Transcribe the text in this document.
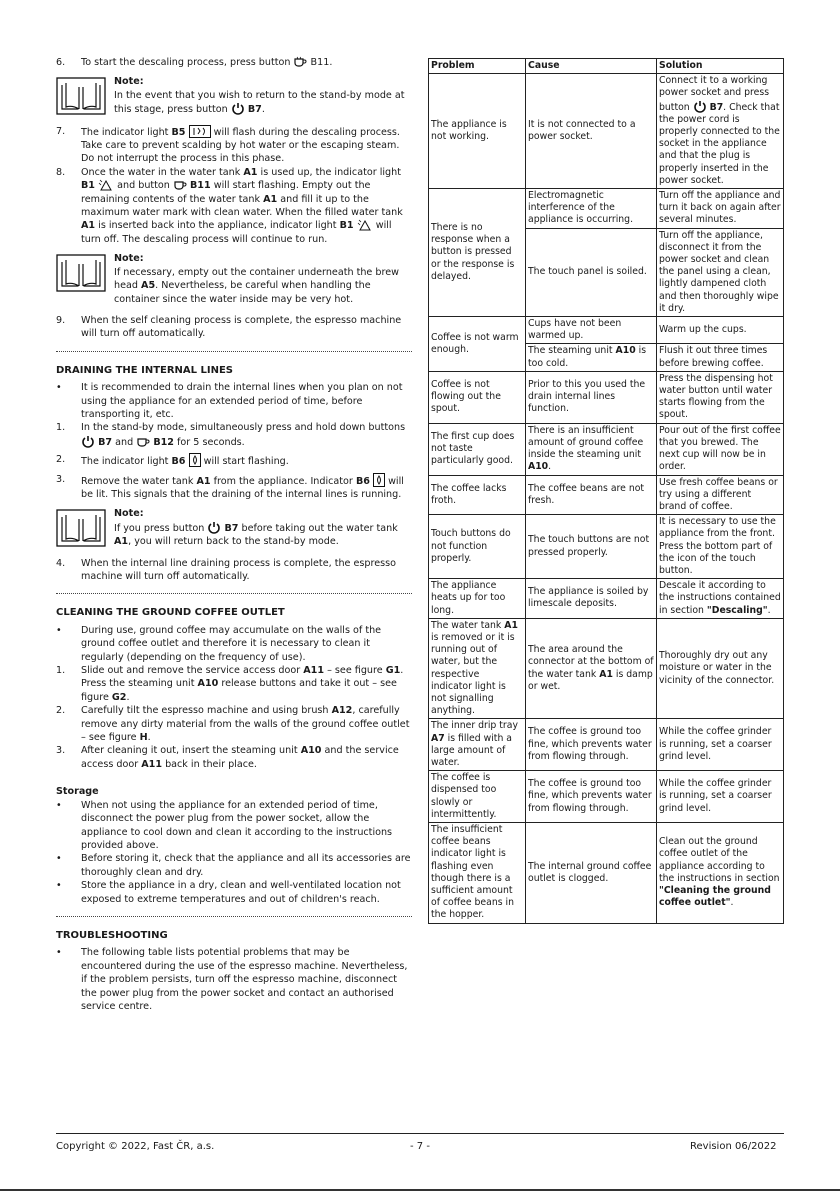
6.	To start the descaling process, press button B11.
Note:
In the event that you wish to return to the stand-by mode at this stage, press button B7.
7.	The indicator light B5	will flash during the descaling process. Take care to prevent scalding by hot water or the escaping steam. Do not interrupt the process in this phase.
8.	Once the water in the water tank A1 is used up, the indicator light B1 and button B11 will start flashing. Empty out the remaining contents of the water tank A1 and fill it up to the maximum water mark with clean water. When the filled water tank A1 is inserted back into the appliance, indicator light B1 will turn off. The descaling process will continue to run.
Note:
If necessary, empty out the container underneath the brew head A5. Nevertheless, be careful when handling the container since the water inside may be very hot.
9.	When the self cleaning process is complete, the espresso machine will turn off automatically.
DRAINING THE INTERNAL LINES
•	It is recommended to drain the internal lines when you plan on not using the appliance for an extended period of time, before transporting it, etc.
1.	In the stand-by mode, simultaneously press and hold down buttons
B7 and B12 for 5 seconds.
2.	The indicator light B6 will start flashing.
3.	Remove the water tank A1 from the appliance. Indicator B6 will be lit. This signals that the draining of the internal lines is running.
Note:
If you press button B7 before taking out the water tank A1, you will return back to the stand-by mode.
4.	When the internal line draining process is complete, the espresso machine will turn off automatically.
CLEANING THE GROUND COFFEE OUTLET
•	During use, ground coffee may accumulate on the walls of the ground coffee outlet and therefore it is necessary to clean it regularly (depending on the frequency of use).
1.	Slide out and remove the service access door A11 – see figure G1. Press the steaming unit A10 release buttons and take it out – see figure G2.
2.	Carefully tilt the espresso machine and using brush A12, carefully remove any dirty material from the walls of the ground coffee outlet – see figure H.
3.	After cleaning it out, insert the steaming unit A10 and the service access door A11 back in their place.
Storage
•	When not using the appliance for an extended period of time, disconnect the power plug from the power socket, allow the appliance to cool down and clean it according to the instructions provided above.
•	Before storing it, check that the appliance and all its accessories are thoroughly clean and dry.
•	Store the appliance in a dry, clean and well-ventilated location not exposed to extreme temperatures and out of children's reach.
TROUBLESHOOTING
•	The following table lists potential problems that may be encountered during the use of the espresso machine. Nevertheless, if the problem persists, turn off the espresso machine, disconnect the power plug from the power socket and contact an authorised service centre.
Problem	Cause	Solution
The appliance is not working.	It is not connected to a power socket.	Connect it to a working power socket and press button B7. Check that the power cord is properly connected to the socket in the appliance and that the plug is properly inserted in the power socket.
There is no response when a button is pressed or the response is delayed.	Electromagnetic interference of the appliance is occurring.	Turn off the appliance and turn it back on again after several minutes.
	The touch panel is soiled.	Turn off the appliance, disconnect it from the power socket and clean the panel using a clean, lightly dampened cloth and then thoroughly wipe it dry.
Coffee is not warm enough.	Cups have not been warmed up.	Warm up the cups.
	The steaming unit A10 is too cold.	Flush it out three times before brewing coffee.
Coffee is not flowing out the spout.	Prior to this you used the drain internal lines function.	Press the dispensing hot water button until water starts flowing from the spout.
The first cup does not taste particularly good.	There is an insufficient amount of ground coffee inside the steaming unit A10.	Pour out of the first coffee that you brewed. The next cup will now be in order.
The coffee lacks froth.	The coffee beans are not fresh.	Use fresh coffee beans or try using a different brand of coffee.
Touch buttons do not function properly.	The touch buttons are not pressed properly.	It is necessary to use the appliance from the front. Press the bottom part of the icon of the touch button.
The appliance heats up for too long.	The appliance is soiled by limescale deposits.	Descale it according to the instructions contained in section "Descaling".
The water tank A1 is removed or it is running out of water, but the respective indicator light is not signalling anything.	The area around the connector at the bottom of the water tank A1 is damp or wet.	Thoroughly dry out any moisture or water in the vicinity of the connector.
The inner drip tray A7 is filled with a large amount of water.	The coffee is ground too fine, which prevents water from flowing through.	While the coffee grinder is running, set a coarser grind level.
The coffee is dispensed too slowly or intermittently.	The coffee is ground too fine, which prevents water from flowing through.	While the coffee grinder is running, set a coarser grind level.
The insufficient coffee beans indicator light is flashing even though there is a sufficient amount of coffee beans in the hopper.	The internal ground coffee outlet is clogged.	Clean out the ground coffee outlet of the appliance according to the instructions in section "Cleaning the ground coffee outlet".
Copyright © 2022, Fast ČR, a.s.	- 7 -	Revision 06/2022
